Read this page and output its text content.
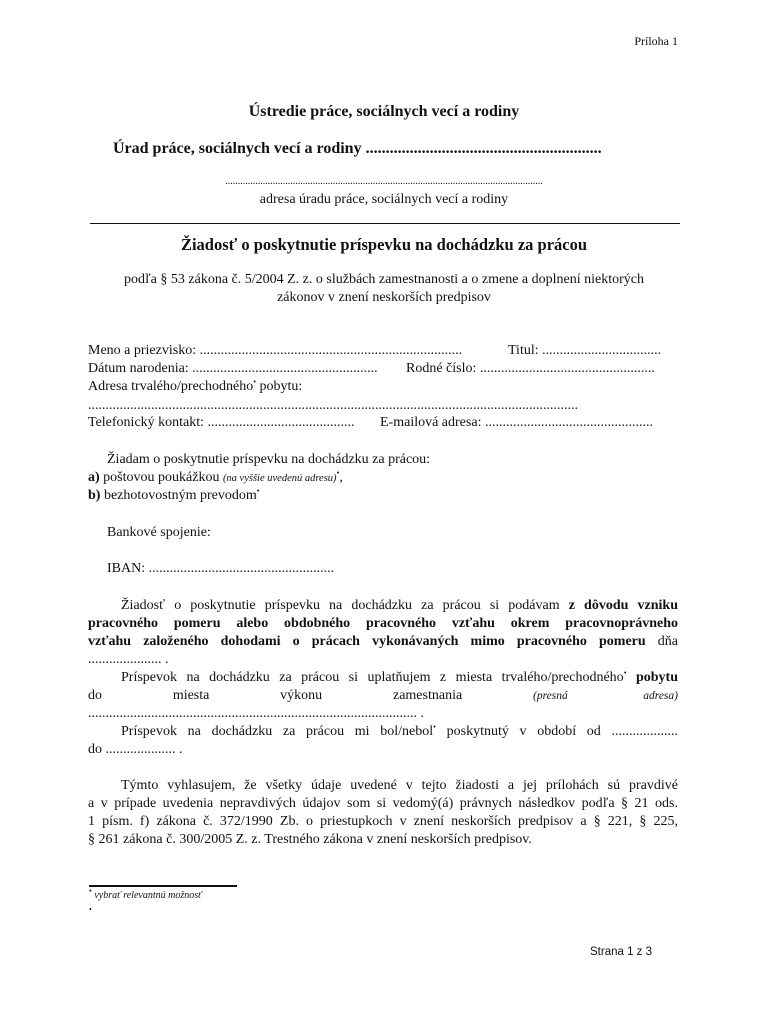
Príloha 1
Ústredie práce, sociálnych vecí a rodiny
Úrad práce, sociálnych vecí a rodiny ...........................................................
...............................................................................................................................
adresa úradu práce, sociálnych vecí a rodiny
Žiadosť o poskytnutie príspevku na dochádzku za prácou
podľa § 53 zákona č. 5/2004 Z. z. o službách zamestnanosti a o zmene a doplnení niektorých
zákonov v znení neskorších predpisov
Meno a priezvisko: ...........................................................................	Titul: ..................................
Dátum narodenia: ..................................................... Rodné číslo: ..................................................
Adresa trvalého/prechodného• pobytu:
............................................................................................................................................
Telefonický kontakt: .......................................... E-mailová adresa: ................................................
Žiadam o poskytnutie príspevku na dochádzku za prácou:
a) poštovou poukážkou (na vyššie uvedenú adresu)•,
b) bezhotovostným prevodom•
Bankové spojenie:
IBAN: .....................................................
Žiadosť o poskytnutie príspevku na dochádzku za prácou si podávam z dôvodu vzniku
pracovného pomeru alebo obdobného pracovného vzťahu okrem pracovnoprávneho
vzťahu založeného dohodami o prácach vykonávaných mimo pracovného pomeru dňa
..................... .
Príspevok na dochádzku za prácou si uplatňujem z miesta trvalého/prechodného• pobytu
do	miesta	výkonu	zamestnania	(presná adresa)
.............................................................................................. .
Príspevok na dochádzku za prácou mi bol/nebol• poskytnutý v období od ...................
do .................... .
Týmto vyhlasujem, že všetky údaje uvedené v tejto žiadosti a jej prílohách sú pravdivé
a v prípade uvedenia nepravdivých údajov som si vedomý(á) právnych následkov podľa § 21 ods.
1 písm. f) zákona č. 372/1990 Zb. o priestupkoch v znení neskorších predpisov a § 221, § 225,
§ 261 zákona č. 300/2005 Z. z. Trestného zákona v znení neskorších predpisov.
• vybrať relevantnú možnosť
•
Strana 1 z 3
